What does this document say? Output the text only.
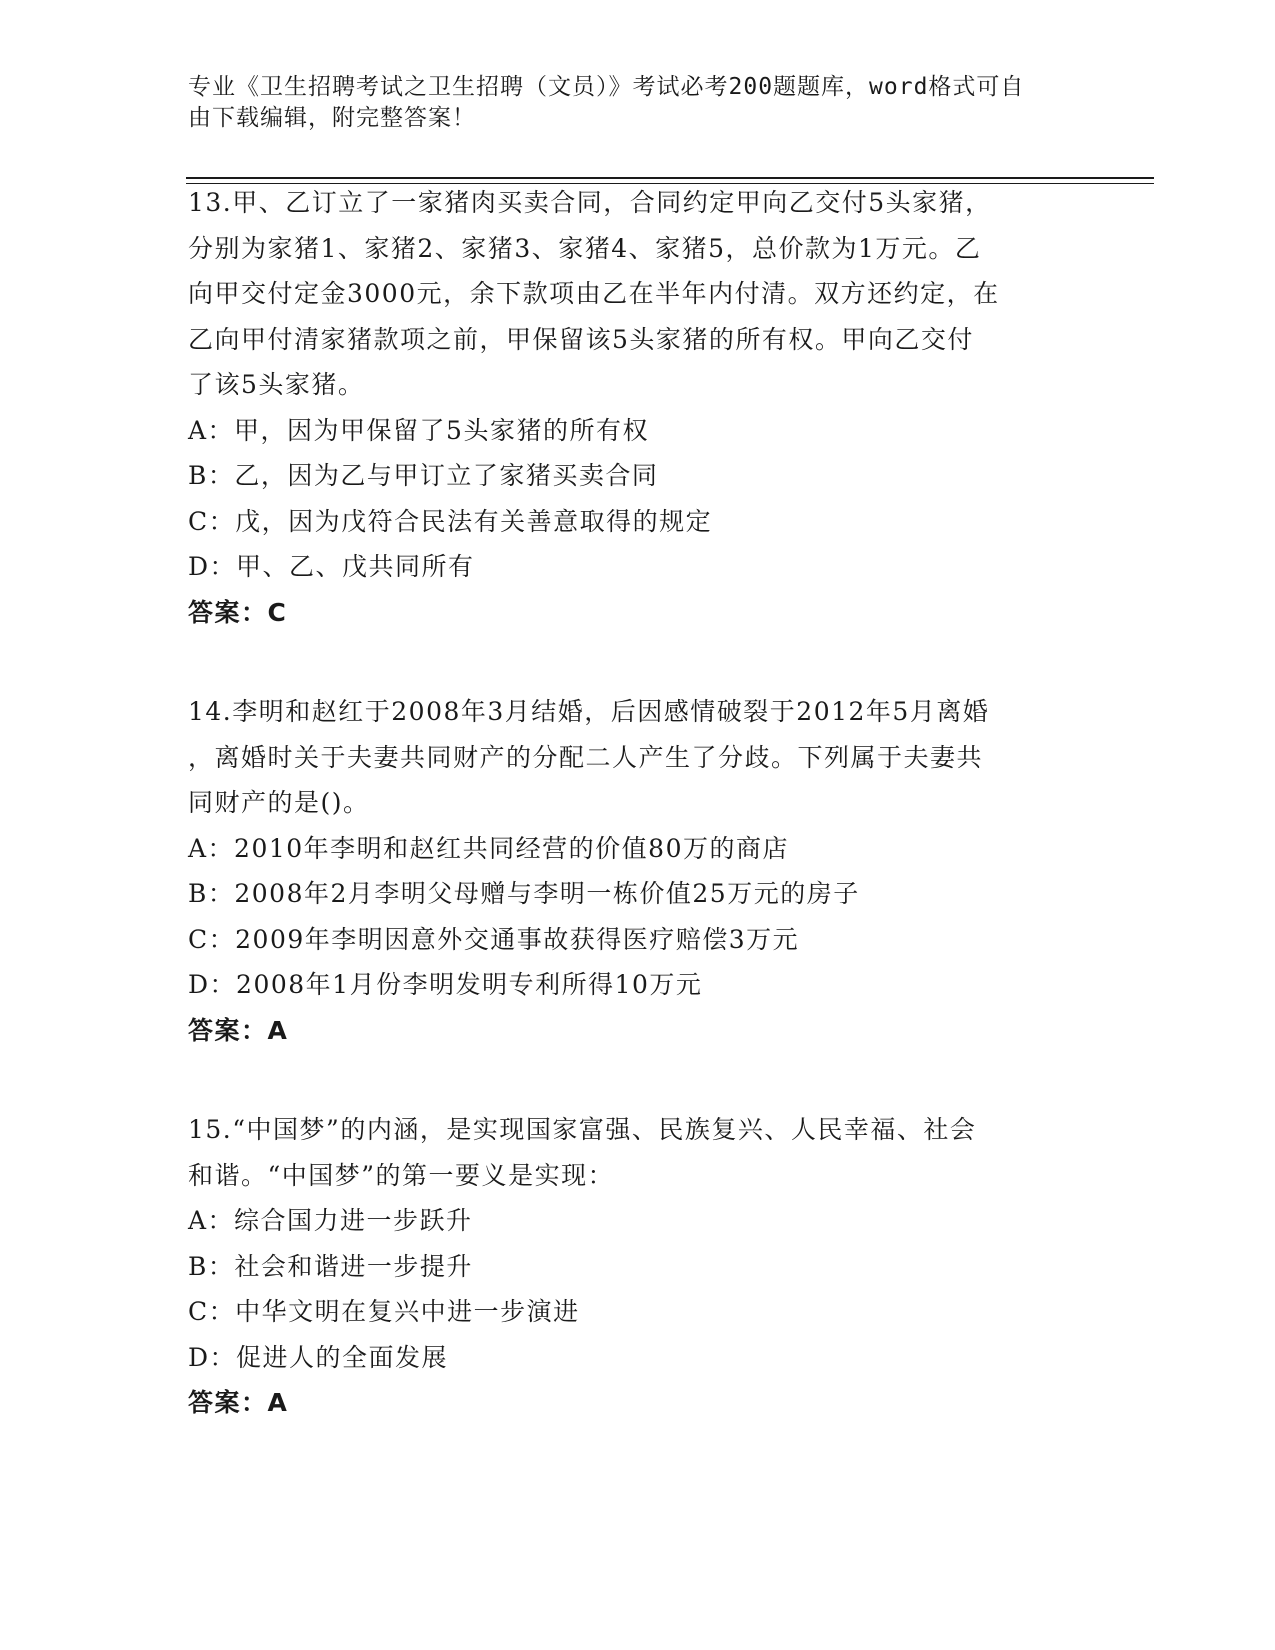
专业《卫生招聘考试之卫生招聘（文员）》考试必考200题题库，word格式可自
由下载编辑，附完整答案！
13.甲、乙订立了一家猪肉买卖合同，合同约定甲向乙交付5头家猪，
分别为家猪1、家猪2、家猪3、家猪4、家猪5，总价款为1万元。乙
向甲交付定金3000元，余下款项由乙在半年内付清。双方还约定，在
乙向甲付清家猪款项之前，甲保留该5头家猪的所有权。甲向乙交付
了该5头家猪。
A：甲，因为甲保留了5头家猪的所有权
B：乙，因为乙与甲订立了家猪买卖合同
C：戊，因为戊符合民法有关善意取得的规定
D：甲、乙、戊共同所有
答案：C
14.李明和赵红于2008年3月结婚，后因感情破裂于2012年5月离婚
，离婚时关于夫妻共同财产的分配二人产生了分歧。下列属于夫妻共
同财产的是()。
A：2010年李明和赵红共同经营的价值80万的商店
B：2008年2月李明父母赠与李明一栋价值25万元的房子
C：2009年李明因意外交通事故获得医疗赔偿3万元
D：2008年1月份李明发明专利所得10万元
答案：A
15.“中国梦”的内涵，是实现国家富强、民族复兴、人民幸福、社会
和谐。“中国梦”的第一要义是实现：
A：综合国力进一步跃升
B：社会和谐进一步提升
C：中华文明在复兴中进一步演进
D：促进人的全面发展
答案：A
